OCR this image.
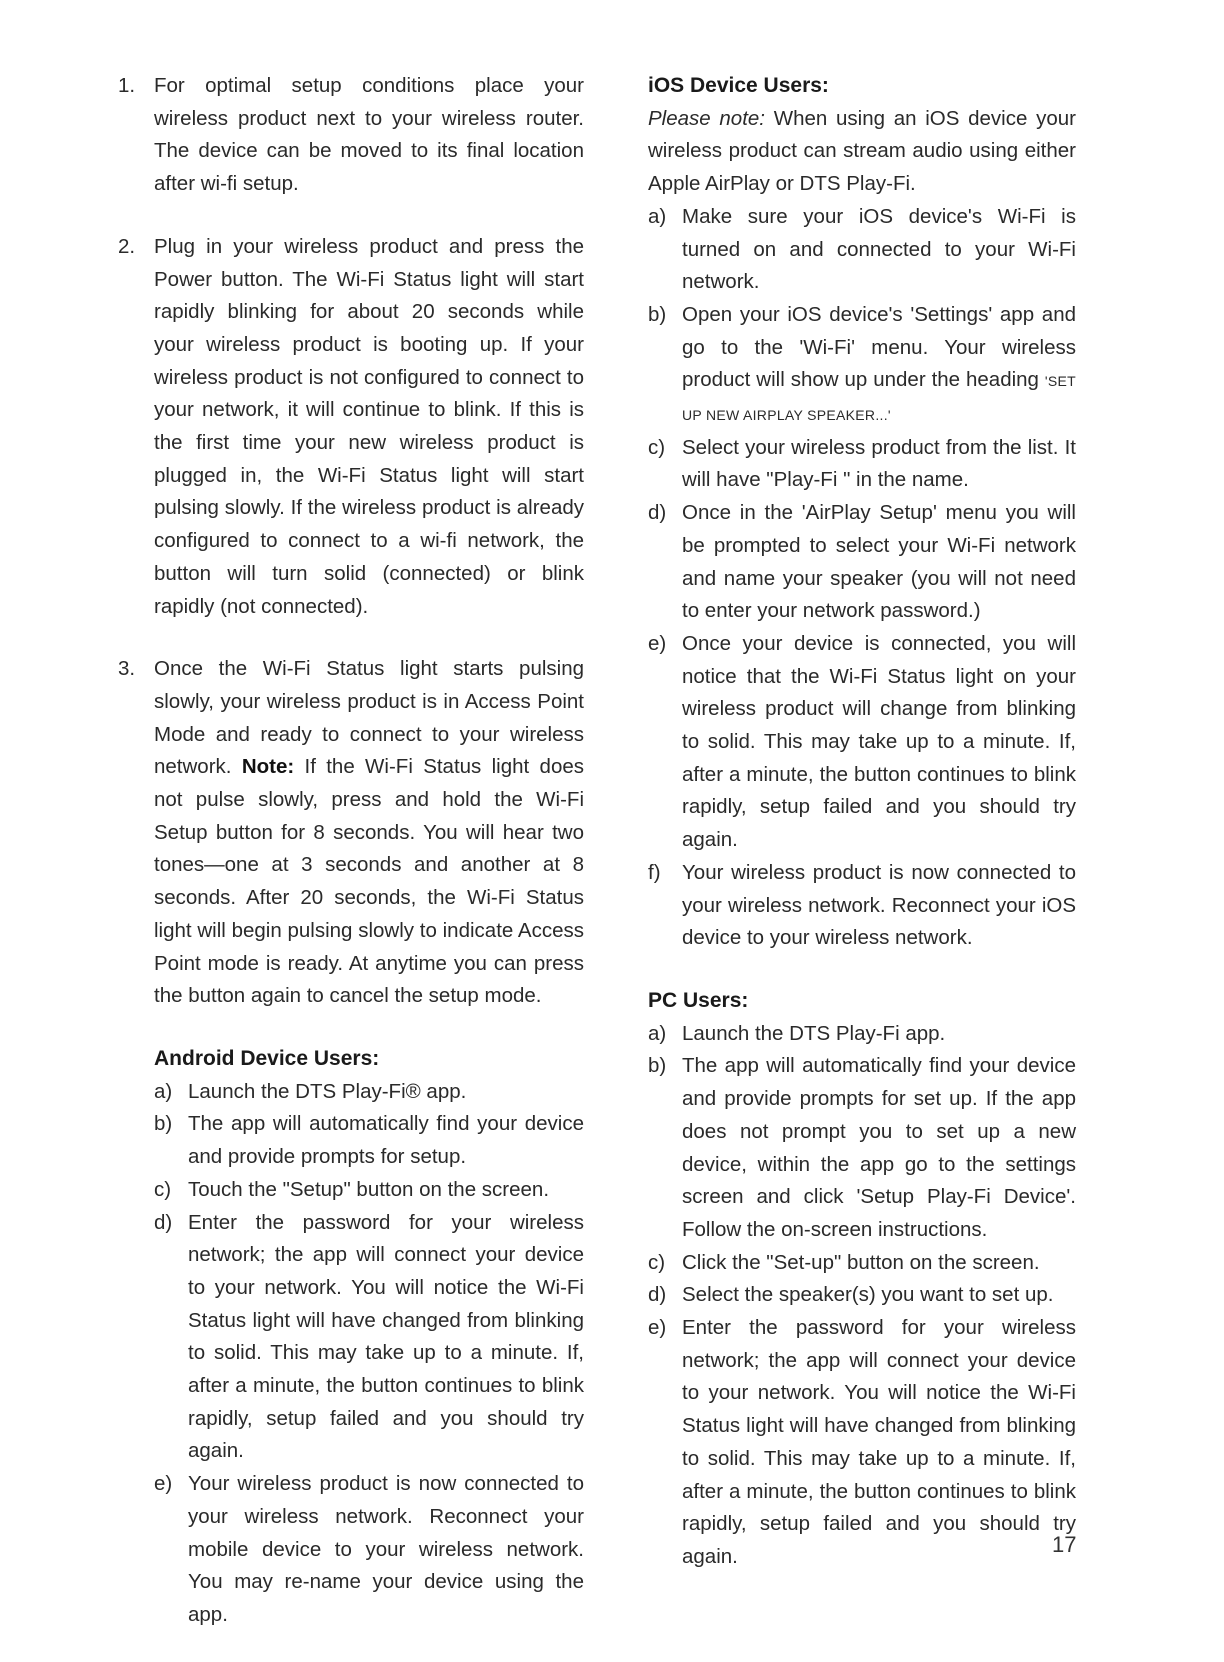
1. For optimal setup conditions place your wireless product next to your wireless router. The device can be moved to its final location after wi-fi setup.

2. Plug in your wireless product and press the Power button. The Wi-Fi Status light will start rapidly blinking for about 20 seconds while your wireless product is booting up. If your wireless product is not configured to connect to your network, it will continue to blink. If this is the first time your new wireless product is plugged in, the Wi-Fi Status light will start pulsing slowly. If the wireless product is already configured to connect to a wi-fi network, the button will turn solid (connected) or blink rapidly (not connected).

3. Once the Wi-Fi Status light starts pulsing slowly, your wireless product is in Access Point Mode and ready to connect to your wireless network. Note: If the Wi-Fi Status light does not pulse slowly, press and hold the Wi-Fi Setup button for 8 seconds. You will hear two tones—one at 3 seconds and another at 8 seconds. After 20 seconds, the Wi-Fi Status light will begin pulsing slowly to indicate Access Point mode is ready. At anytime you can press the button again to cancel the setup mode.

Android Device Users:
a) Launch the DTS Play-Fi® app.

b) The app will automatically find your device and provide prompts for setup.

c) Touch the "Setup" button on the screen.

d) Enter the password for your wireless network; the app will connect your device to your network. You will notice the Wi-Fi Status light will have changed from blinking to solid. This may take up to a minute. If, after a minute, the button continues to blink rapidly, setup failed and you should try again.

e) Your wireless product is now connected to your wireless network. Reconnect your mobile device to your wireless network. You may re-name your device using the app.

iOS Device Users:

Please note: When using an iOS device your wireless product can stream audio using either Apple AirPlay or DTS Play-Fi.

a) Make sure your iOS device's Wi-Fi is turned on and connected to your Wi-Fi network.

b) Open your iOS device's 'Settings' app and go to the 'Wi-Fi' menu. Your wireless product will show up under the heading 'SET UP NEW AIRPLAY SPEAKER...'

c) Select your wireless product from the list. It will have "Play-Fi " in the name.

d) Once in the 'AirPlay Setup' menu you will be prompted to select your Wi-Fi network and name your speaker (you will not need to enter your network password.)

e) Once your device is connected, you will notice that the Wi-Fi Status light on your wireless product will change from blinking to solid. This may take up to a minute. If, after a minute, the button continues to blink rapidly, setup failed and you should try again.

f) Your wireless product is now connected to your wireless network. Reconnect your iOS device to your wireless network.

PC Users:
a) Launch the DTS Play-Fi app.

b) The app will automatically find your device and provide prompts for set up. If the app does not prompt you to set up a new device, within the app go to the settings screen and click 'Setup Play-Fi Device'. Follow the on-screen instructions.

c) Click the "Set-up" button on the screen.

d) Select the speaker(s) you want to set up.

e) Enter the password for your wireless network; the app will connect your device to your network. You will notice the Wi-Fi Status light will have changed from blinking to solid. This may take up to a minute. If, after a minute, the button continues to blink rapidly, setup failed and you should try again.	17
